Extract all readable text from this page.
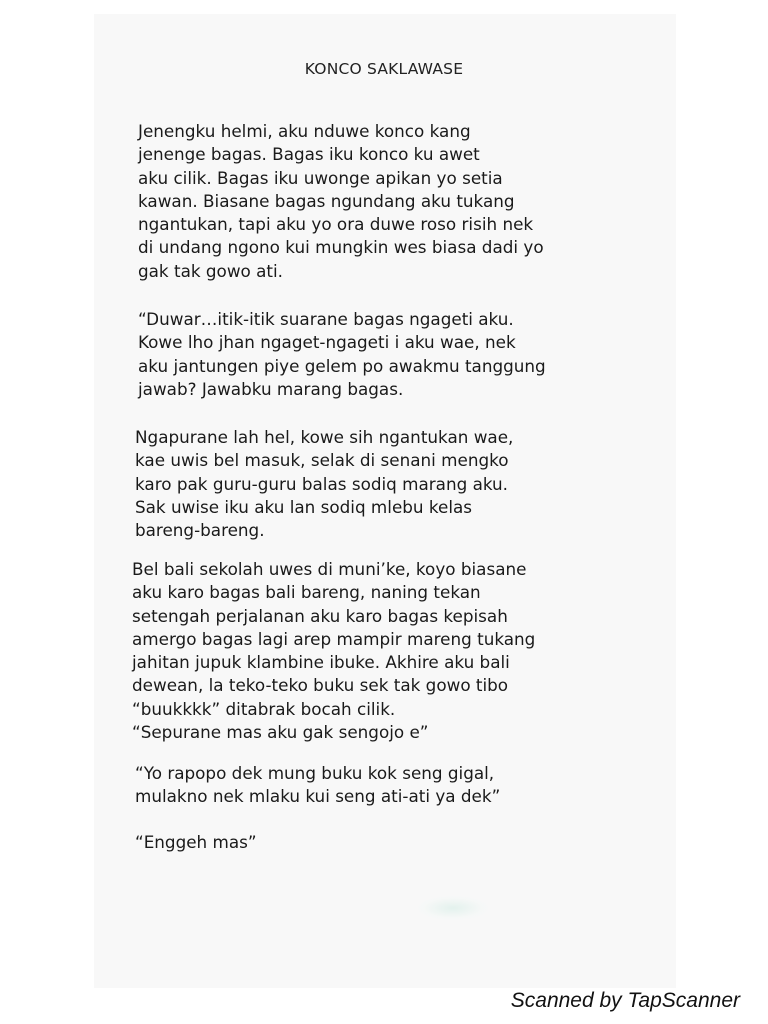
KONCO SAKLAWASE
Jenengku helmi, aku nduwe konco kang
jenenge bagas. Bagas iku konco ku awet
aku cilik. Bagas iku uwonge apikan yo setia
kawan. Biasane bagas ngundang aku tukang
ngantukan, tapi aku yo ora duwe roso risih nek
di undang ngono kui mungkin wes biasa dadi yo
gak tak gowo ati.
“Duwar…itik-itik suarane bagas ngageti aku.
Kowe lho jhan ngaget-ngageti i aku wae, nek
aku jantungen piye gelem po awakmu tanggung
jawab? Jawabku marang bagas.
Ngapurane lah hel, kowe sih ngantukan wae,
kae uwis bel masuk, selak di senani mengko
karo pak guru-guru balas sodiq marang aku.
Sak uwise iku aku lan sodiq mlebu kelas
bareng-bareng.
Bel bali sekolah uwes di muni’ke, koyo biasane
aku karo bagas bali bareng, naning tekan
setengah perjalanan aku karo bagas kepisah
amergo bagas lagi arep mampir mareng tukang
jahitan jupuk klambine ibuke. Akhire aku bali
dewean, la teko-teko buku sek tak gowo tibo
“buukkkk” ditabrak bocah cilik.
“Sepurane mas aku gak sengojo e”
“Yo rapopo dek mung buku kok seng gigal,
mulakno nek mlaku kui seng ati-ati ya dek”
“Enggeh mas”
Scanned by TapScanner
